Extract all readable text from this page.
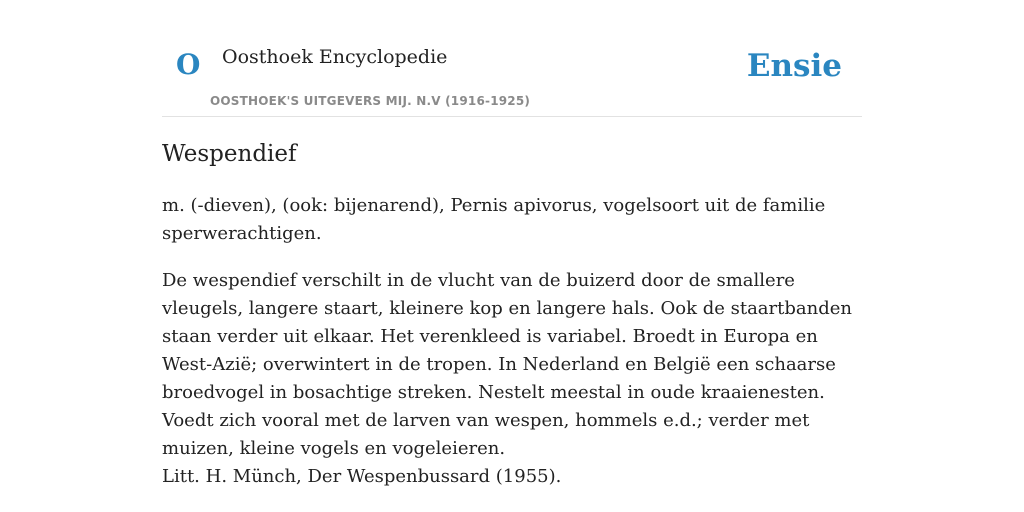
O Oosthoek Encyclopedie
OOSTHOEK'S UITGEVERS MIJ. N.V (1916-1925)
Ensie
Wespendief

m. (-dieven), (ook: bijenarend), Pernis apivorus, vogelsoort uit de familie sperwerachtigen.

De wespendief verschilt in de vlucht van de buizerd door de smallere vleugels, langere staart, kleinere kop en langere hals. Ook de staartbanden staan verder uit elkaar. Het verenkleed is variabel. Broedt in Europa en West-Azië; overwintert in de tropen. In Nederland en België een schaarse broedvogel in bosachtige streken. Nestelt meestal in oude kraaienesten. Voedt zich vooral met de larven van wespen, hommels e.d.; verder met muizen, kleine vogels en vogeleieren.

Litt. H. Münch, Der Wespenbussard (1955).
